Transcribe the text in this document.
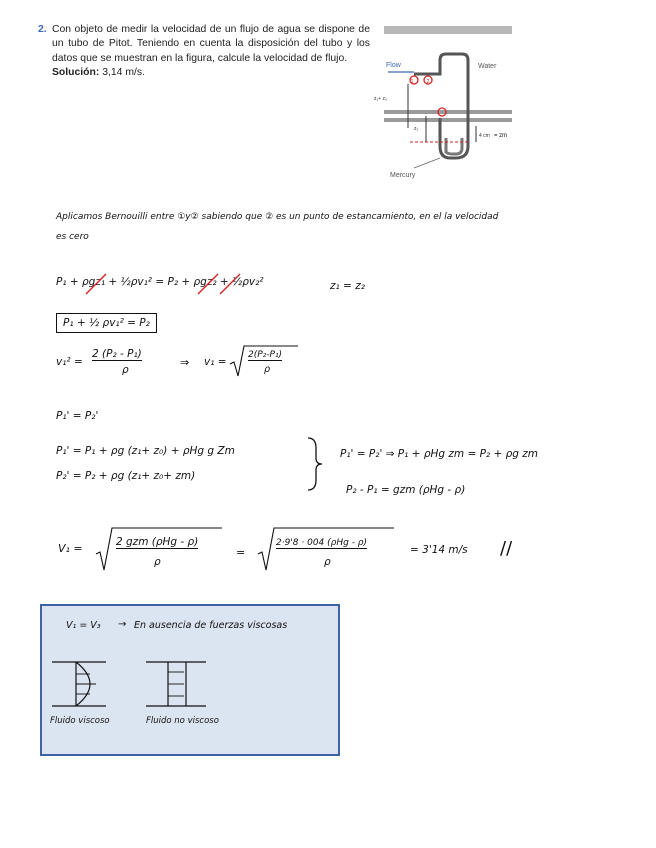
2. Con objeto de medir la velocidad de un flujo de agua se dispone de un tubo de Pitot. Teniendo en cuenta la disposición del tubo y los datos que se muestran en la figura, calcule la velocidad de flujo.
Solución: 3,14 m/s.
Flow	Water
Mercury
1	2
z₁+ z₀
z₂
4 cm = zm
Aplicamos Bernouilli entre ①y② sabiendo que ② es un punto de estancamiento, en el la velocidad
es cero
P₁ + ρgz₁ + ½ρv₁² = P₂ + ρgz₂ + ½ρv₂²	z₁ = z₂
P₁ + ½ ρv₁² = P₂
v₁² =
2 (P₂ - P₁)
ρ
⇒ v₁ =
2(P₂-P₁)
ρ
P₁' = P₂'
P₁' = P₁ + ρg (z₁+ z₀) + ρHg g Zm
P₂' = P₂ + ρg (z₁+ z₀+ zm)
P₁' = P₂' ⇒ P₁ + ρHg zm = P₂ + ρg zm
P₂ - P₁ = gzm (ρHg - ρ)
V₁ =	2 gzm (ρHg - ρ)
ρ
=
2·9'8 · 004 (ρHg - ρ)
ρ
= 3'14 m/s //
V₁ = V₃ → En ausencia de fuerzas viscosas
Fluido viscoso	Fluido no viscoso
